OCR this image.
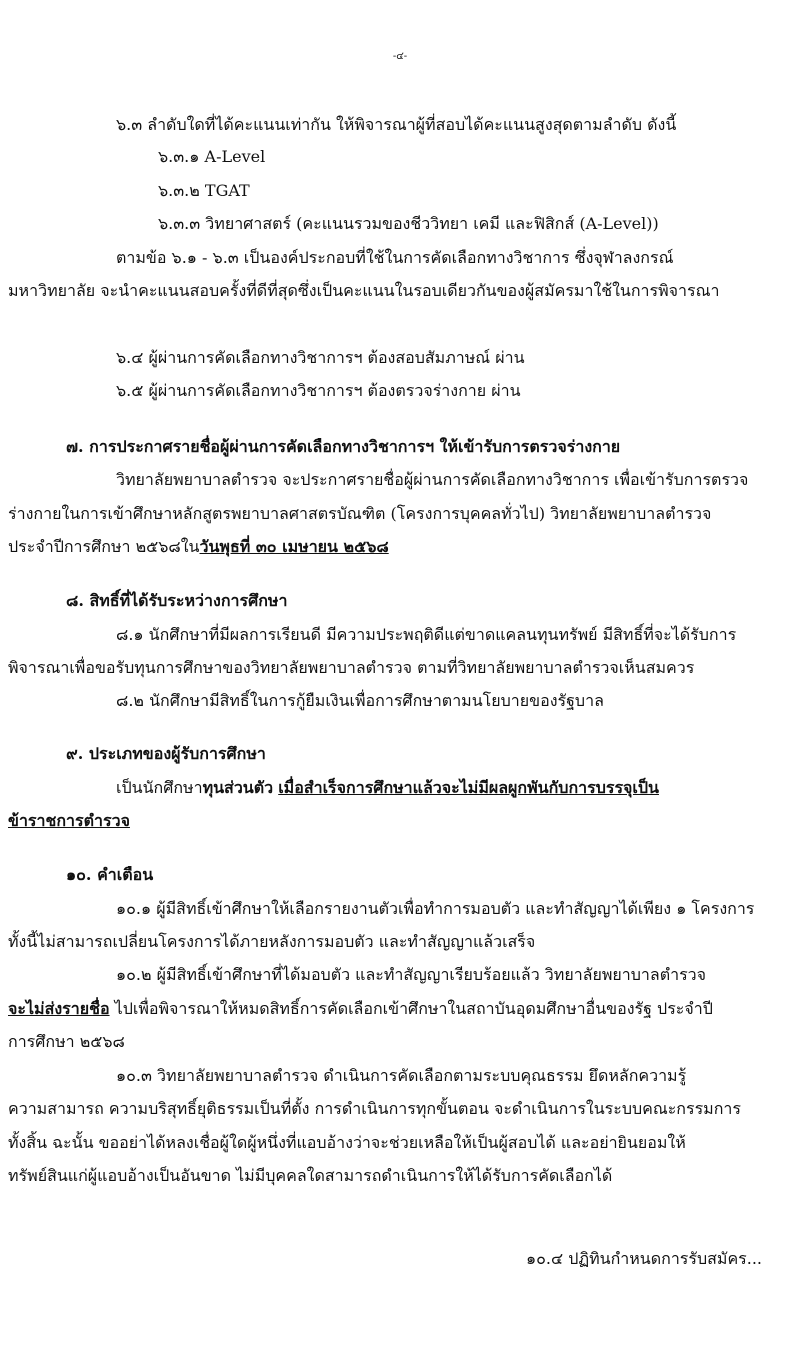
-๔-
๖.๓ ลำดับใดที่ได้คะแนนเท่ากัน ให้พิจารณาผู้ที่สอบได้คะแนนสูงสุดตามลำดับ ดังนี้
๖.๓.๑ A-Level
๖.๓.๒ TGAT
๖.๓.๓ วิทยาศาสตร์ (คะแนนรวมของชีววิทยา เคมี และฟิสิกส์ (A-Level))
ตามข้อ ๖.๑ - ๖.๓ เป็นองค์ประกอบที่ใช้ในการคัดเลือกทางวิชาการ ซึ่งจุฬาลงกรณ์
มหาวิทยาลัย จะนำคะแนนสอบครั้งที่ดีที่สุดซึ่งเป็นคะแนนในรอบเดียวกันของผู้สมัครมาใช้ในการพิจารณา
๖.๔ ผู้ผ่านการคัดเลือกทางวิชาการฯ ต้องสอบสัมภาษณ์ ผ่าน
๖.๕ ผู้ผ่านการคัดเลือกทางวิชาการฯ ต้องตรวจร่างกาย ผ่าน
๗. การประกาศรายชื่อผู้ผ่านการคัดเลือกทางวิชาการฯ ให้เข้ารับการตรวจร่างกาย
วิทยาลัยพยาบาลตำรวจ จะประกาศรายชื่อผู้ผ่านการคัดเลือกทางวิชาการ เพื่อเข้ารับการตรวจ
ร่างกายในการเข้าศึกษาหลักสูตรพยาบาลศาสตรบัณฑิต (โครงการบุคคลทั่วไป) วิทยาลัยพยาบาลตำรวจ
ประจำปีการศึกษา ๒๕๖๘ในวันพุธที่ ๓๐ เมษายน ๒๕๖๘
๘. สิทธิ์ที่ได้รับระหว่างการศึกษา
๘.๑ นักศึกษาที่มีผลการเรียนดี มีความประพฤติดีแต่ขาดแคลนทุนทรัพย์ มีสิทธิ์ที่จะได้รับการ
พิจารณาเพื่อขอรับทุนการศึกษาของวิทยาลัยพยาบาลตำรวจ ตามที่วิทยาลัยพยาบาลตำรวจเห็นสมควร
๘.๒ นักศึกษามีสิทธิ์ในการกู้ยืมเงินเพื่อการศึกษาตามนโยบายของรัฐบาล
๙. ประเภทของผู้รับการศึกษา
เป็นนักศึกษาทุนส่วนตัว เมื่อสำเร็จการศึกษาแล้วจะไม่มีผลผูกพันกับการบรรจุเป็น
ข้าราชการตำรวจ
๑๐. คำเตือน
๑๐.๑ ผู้มีสิทธิ์เข้าศึกษาให้เลือกรายงานตัวเพื่อทำการมอบตัว และทำสัญญาได้เพียง ๑ โครงการ
ทั้งนี้ไม่สามารถเปลี่ยนโครงการได้ภายหลังการมอบตัว และทำสัญญาแล้วเสร็จ
๑๐.๒ ผู้มีสิทธิ์เข้าศึกษาที่ได้มอบตัว และทำสัญญาเรียบร้อยแล้ว วิทยาลัยพยาบาลตำรวจ
จะไม่ส่งรายชื่อ ไปเพื่อพิจารณาให้หมดสิทธิ์การคัดเลือกเข้าศึกษาในสถาบันอุดมศึกษาอื่นของรัฐ ประจำปี
การศึกษา ๒๕๖๘
๑๐.๓ วิทยาลัยพยาบาลตำรวจ ดำเนินการคัดเลือกตามระบบคุณธรรม ยึดหลักความรู้
ความสามารถ ความบริสุทธิ์ยุติธรรมเป็นที่ตั้ง การดำเนินการทุกขั้นตอน จะดำเนินการในระบบคณะกรรมการ
ทั้งสิ้น ฉะนั้น ขออย่าได้หลงเชื่อผู้ใดผู้หนึ่งที่แอบอ้างว่าจะช่วยเหลือให้เป็นผู้สอบได้ และอย่ายินยอมให้
ทรัพย์สินแก่ผู้แอบอ้างเป็นอันขาด ไม่มีบุคคลใดสามารถดำเนินการให้ได้รับการคัดเลือกได้
๑๐.๔ ปฏิทินกำหนดการรับสมัคร...
